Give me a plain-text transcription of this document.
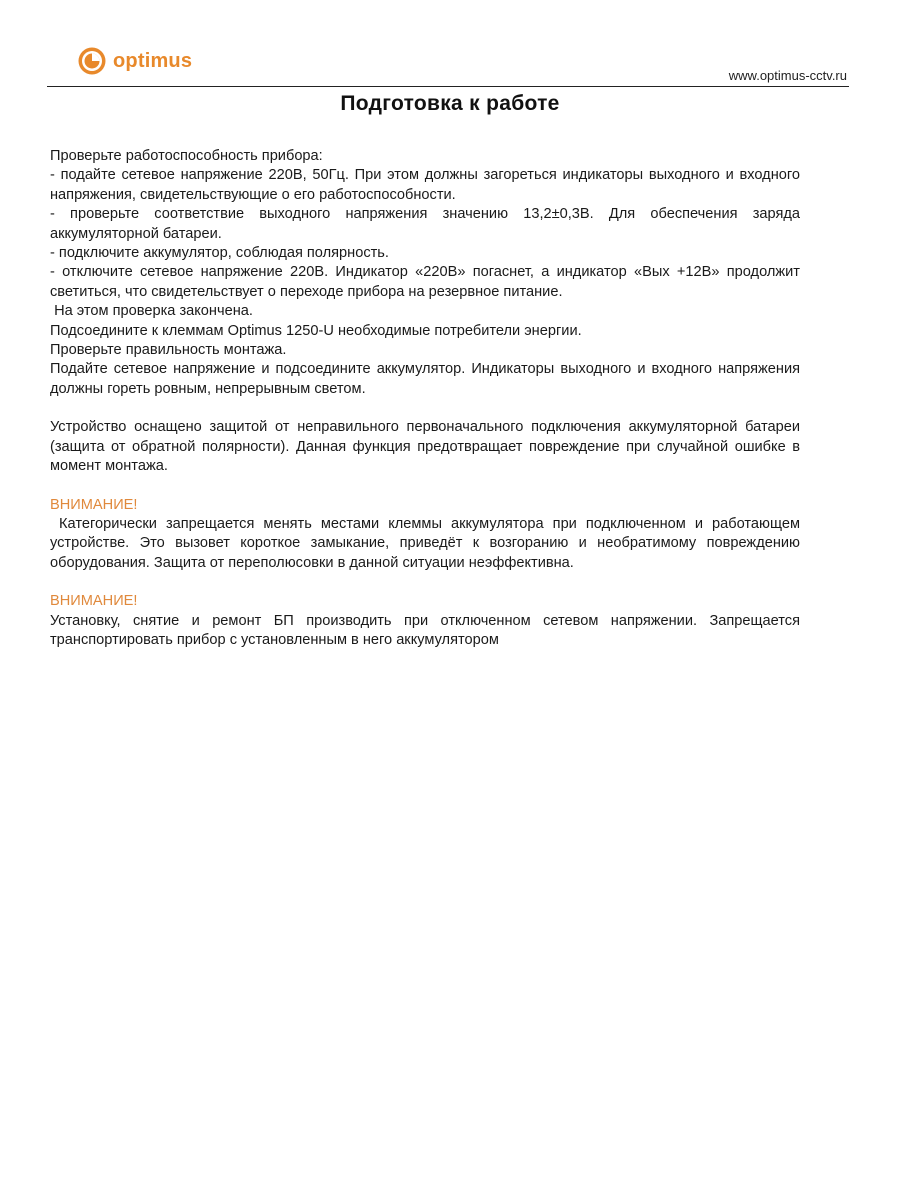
optimus
www.optimus-cctv.ru
Подготовка к работе

Проверьте работоспособность прибора:

- подайте сетевое напряжение 220В, 50Гц. При этом должны загореться индикаторы выходного и входного напряжения, свидетельствующие о его работоспособности.

- проверьте соответствие выходного напряжения значению 13,2±0,3В. Для обеспечения заряда аккумуляторной батареи.

- подключите аккумулятор, соблюдая полярность.

- отключите сетевое напряжение 220В. Индикатор «220В» погаснет, а индикатор «Вых +12В» продолжит светиться, что свидетельствует о переходе прибора на резервное питание.

На этом проверка закончена.

Подсоедините к клеммам Optimus 1250-U необходимые потребители энергии.

Проверьте правильность монтажа.

Подайте сетевое напряжение и подсоедините аккумулятор. Индикаторы выходного и входного напряжения должны гореть ровным, непрерывным светом.

Устройство оснащено защитой от неправильного первоначального подключения аккумуляторной батареи (защита от обратной полярности). Данная функция предотвращает повреждение при случайной ошибке в момент монтажа.

ВНИМАНИЕ!

Категорически запрещается менять местами клеммы аккумулятора при подключенном и работающем устройстве. Это вызовет короткое замыкание, приведёт к возгоранию и необратимому повреждению оборудования. Защита от переполюсовки в данной ситуации неэффективна.

ВНИМАНИЕ!

Установку, снятие и ремонт БП производить при отключенном сетевом напряжении. Запрещается транспортировать прибор с установленным в него аккумулятором
